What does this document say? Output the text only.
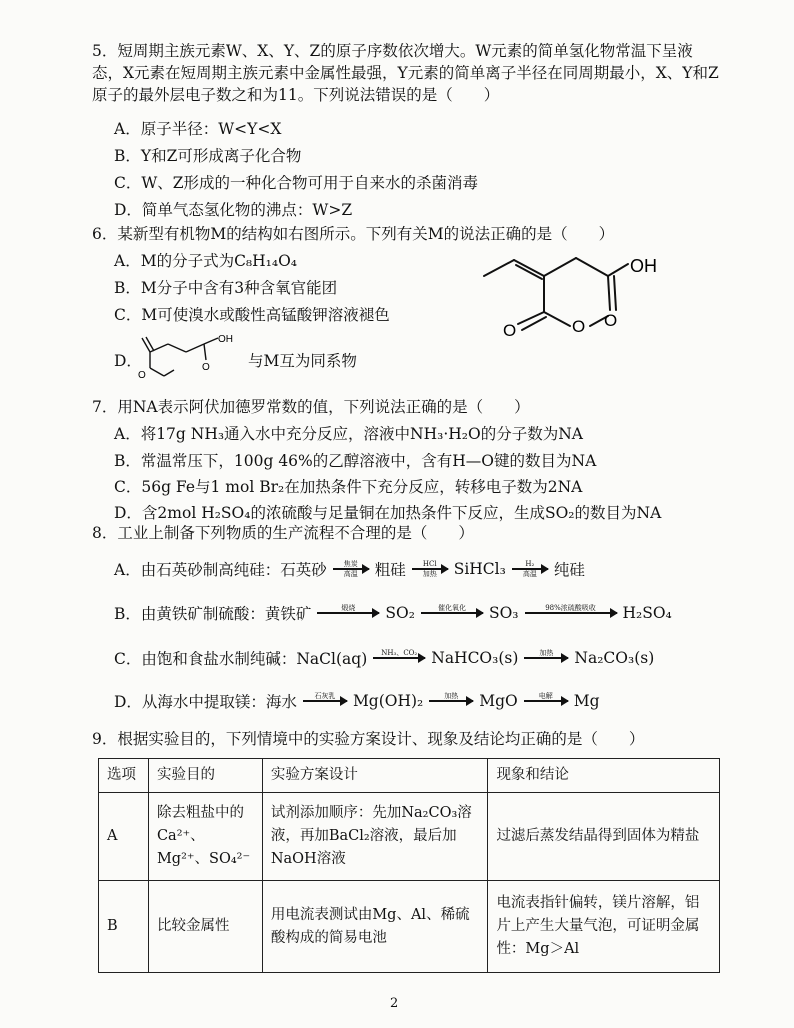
5．短周期主族元素W、X、Y、Z的原子序数依次增大。W元素的简单氢化物常温下呈液态，X元素在短周期主族元素中金属性最强，Y元素的简单离子半径在同周期最小，X、Y和Z原子的最外层电子数之和为11。下列说法错误的是（　　）

A．原子半径：W<Y<X
B．Y和Z可形成离子化合物
C．W、Z形成的一种化合物可用于自来水的杀菌消毒
D．简单气态氢化物的沸点：W>Z

6．某新型有机物M的结构如右图所示。下列有关M的说法正确的是（　　）

A．M的分子式为C₈H₁₄O₄
B．M分子中含有3种含氧官能团
C．M可使溴水或酸性高锰酸钾溶液褪色
OH
O	O O
D．
OH
O
O 与M互为同系物

7．用NA表示阿伏加德罗常数的值，下列说法正确的是（　　）

A．将17g NH₃通入水中充分反应，溶液中NH₃·H₂O的分子数为NA
B．常温常压下，100g 46%的乙醇溶液中，含有H—O键的数目为NA
C．56g Fe与1 mol Br₂在加热条件下充分反应，转移电子数为2NA
D．含2mol H₂SO₄的浓硫酸与足量铜在加热条件下反应，生成SO₂的数目为NA

8．工业上制备下列物质的生产流程不合理的是（　　）

A．由石英砂制高纯硅：石英砂 焦炭
高温 粗硅 HCl
加热 SiHCl₃	H₂
高温 纯硅
B．由黄铁矿制硫酸：黄铁矿	煅烧 SO₂	催化氧化 SO₃	98%浓硫酸吸收 H₂SO₄
C．由饱和食盐水制纯碱：NaCl(aq) NH₃、CO₂ NaHCO₃(s)	加热 Na₂CO₃(s)
D．从海水中提取镁：海水	石灰乳 Mg(OH)₂	加热 MgO	电解 Mg

9．根据实验目的，下列情境中的实验方案设计、现象及结论均正确的是（　　）

选项	实验目的	实验方案设计	现象和结论
A	除去粗盐中的Ca²⁺、Mg²⁺、SO₄²⁻	试剂添加顺序：先加Na₂CO₃溶液，再加BaCl₂溶液，最后加NaOH溶液	过滤后蒸发结晶得到固体为精盐
B	比较金属性	用电流表测试由Mg、Al、稀硫酸构成的简易电池	电流表指针偏转，镁片溶解，铝片上产生大量气泡，可证明金属性：Mg＞Al
2
